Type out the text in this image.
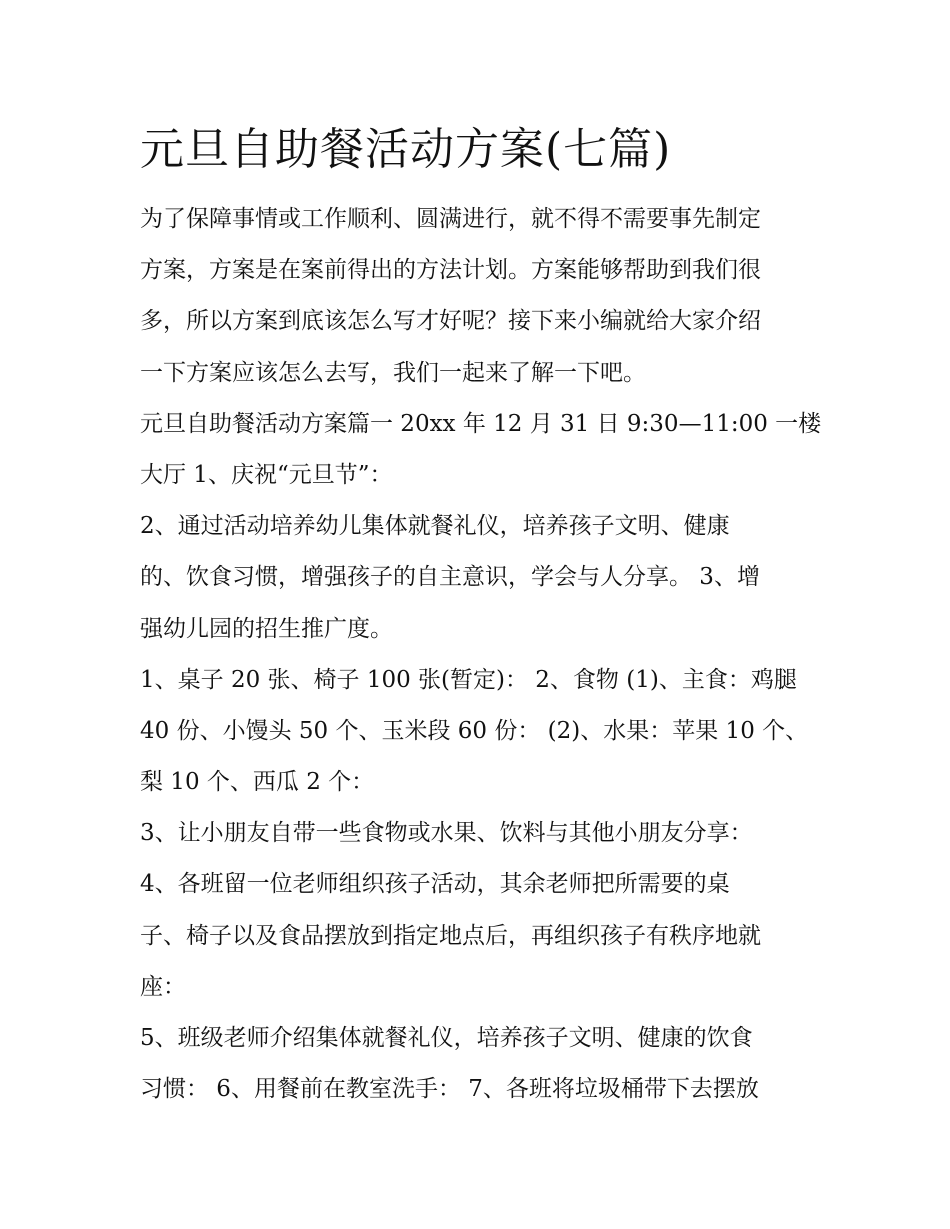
元旦自助餐活动方案(七篇)

为了保障事情或工作顺利、圆满进行，就不得不需要事先制定
方案，方案是在案前得出的方法计划。方案能够帮助到我们很
多，所以方案到底该怎么写才好呢？接下来小编就给大家介绍
一下方案应该怎么去写，我们一起来了解一下吧。

元旦自助餐活动方案篇一 20xx 年 12 月 31 日 9:30—11:00 一楼
大厅 1、庆祝“元旦节”：

2、通过活动培养幼儿集体就餐礼仪，培养孩子文明、健康
的、饮食习惯，增强孩子的自主意识，学会与人分享。 3、增
强幼儿园的招生推广度。

1、桌子 20 张、椅子 100 张(暂定)： 2、食物 (1)、主食：鸡腿
40 份、小馒头 50 个、玉米段 60 份： (2)、水果：苹果 10 个、
梨 10 个、西瓜 2 个：

3、让小朋友自带一些食物或水果、饮料与其他小朋友分享：

4、各班留一位老师组织孩子活动，其余老师把所需要的桌
子、椅子以及食品摆放到指定地点后，再组织孩子有秩序地就
座：

5、班级老师介绍集体就餐礼仪，培养孩子文明、健康的饮食
习惯： 6、用餐前在教室洗手： 7、各班将垃圾桶带下去摆放
